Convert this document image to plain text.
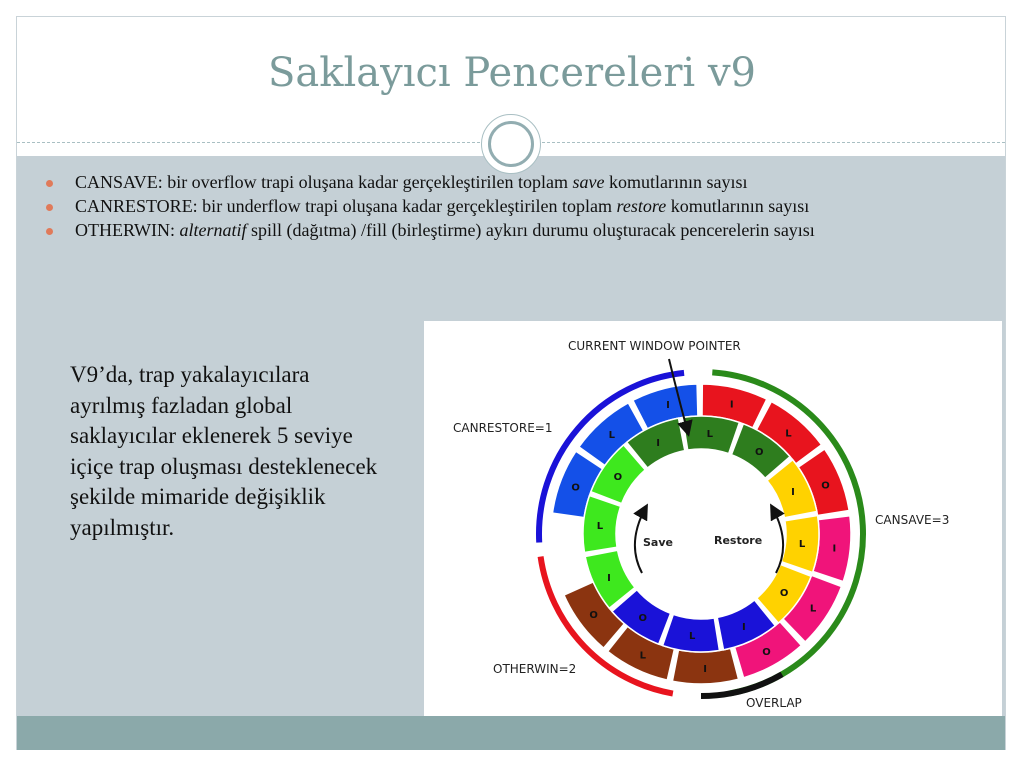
Saklayıcı Pencereleri v9
CANSAVE: bir overflow trapi oluşana kadar gerçekleştirilen toplam save komutlarının sayısı
CANRESTORE: bir underflow trapi oluşana kadar gerçekleştirilen toplam restore komutlarının sayısı
OTHERWIN: alternatif spill (dağıtma) /fill (birleştirme) aykırı durumu oluşturacak pencerelerin sayısı
V9’da, trap yakalayıcılara ayrılmış fazladan global saklayıcılar eklenerek 5 seviye içiçe trap oluşması desteklenecek şekilde mimaride değişiklik yapılmıştır.
O
L
I	I
L
O
I
L
O
I
L
O
I
L
O
I
L
O
I
L
O
I
L
O
CURRENT WINDOW POINTER
CANRESTORE=1
CANSAVE=3
OTHERWIN=2
OVERLAP
Save	Restore
